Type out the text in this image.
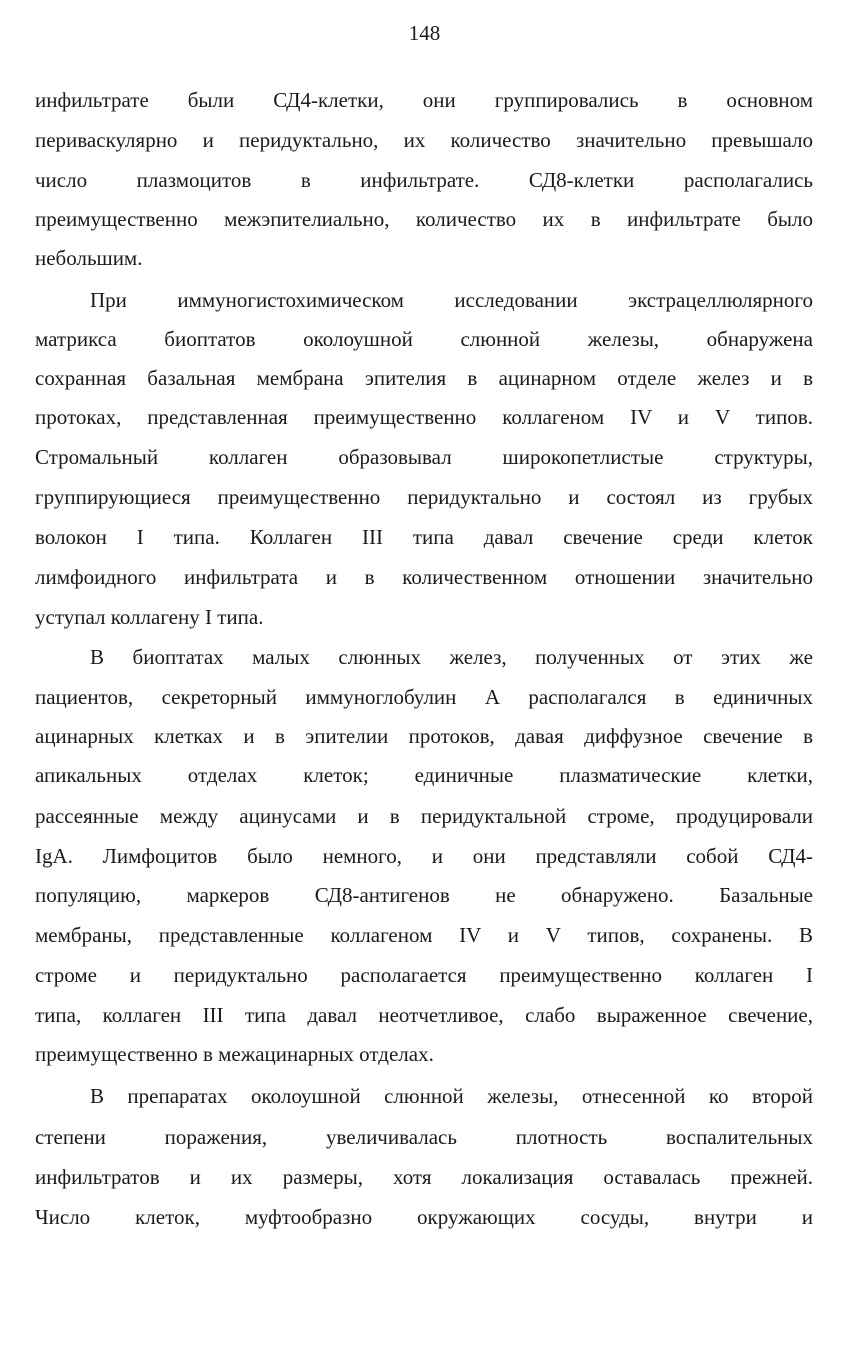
148
инфильтрате были СД4-клетки, они группировались в основном
периваскулярно и перидуктально, их количество значительно превышало
число плазмоцитов в инфильтрате. СД8-клетки располагались
преимущественно межэпителиально, количество их в инфильтрате было
небольшим.
При иммуногистохимическом исследовании экстрацеллюлярного
матрикса биоптатов околоушной слюнной железы, обнаружена
сохранная базальная мембрана эпителия в ацинарном отделе желез и в
протоках, представленная преимущественно коллагеном IV и V типов.
Стромальный коллаген образовывал широкопетлистые структуры,
группирующиеся преимущественно перидуктально и состоял из грубых
волокон I типа. Коллаген III типа давал свечение среди клеток
лимфоидного инфильтрата и в количественном отношении значительно
уступал коллагену I типа.
В биоптатах малых слюнных желез, полученных от этих же
пациентов, секреторный иммуноглобулин А располагался в единичных
ацинарных клетках и в эпителии протоков, давая диффузное свечение в
апикальных отделах клеток; единичные плазматические клетки,
рассеянные между ацинусами и в перидуктальной строме, продуцировали
IgA. Лимфоцитов было немного, и они представляли собой СД4-
популяцию, маркеров СД8-антигенов не обнаружено. Базальные
мембраны, представленные коллагеном IV и V типов, сохранены. В
строме и перидуктально располагается преимущественно коллаген I
типа, коллаген III типа давал неотчетливое, слабо выраженное свечение,
преимущественно в межацинарных отделах.
В препаратах околоушной слюнной железы, отнесенной ко второй
степени поражения, увеличивалась плотность воспалительных
инфильтратов и их размеры, хотя локализация оставалась прежней.
Число клеток, муфтообразно окружающих сосуды, внутри и
